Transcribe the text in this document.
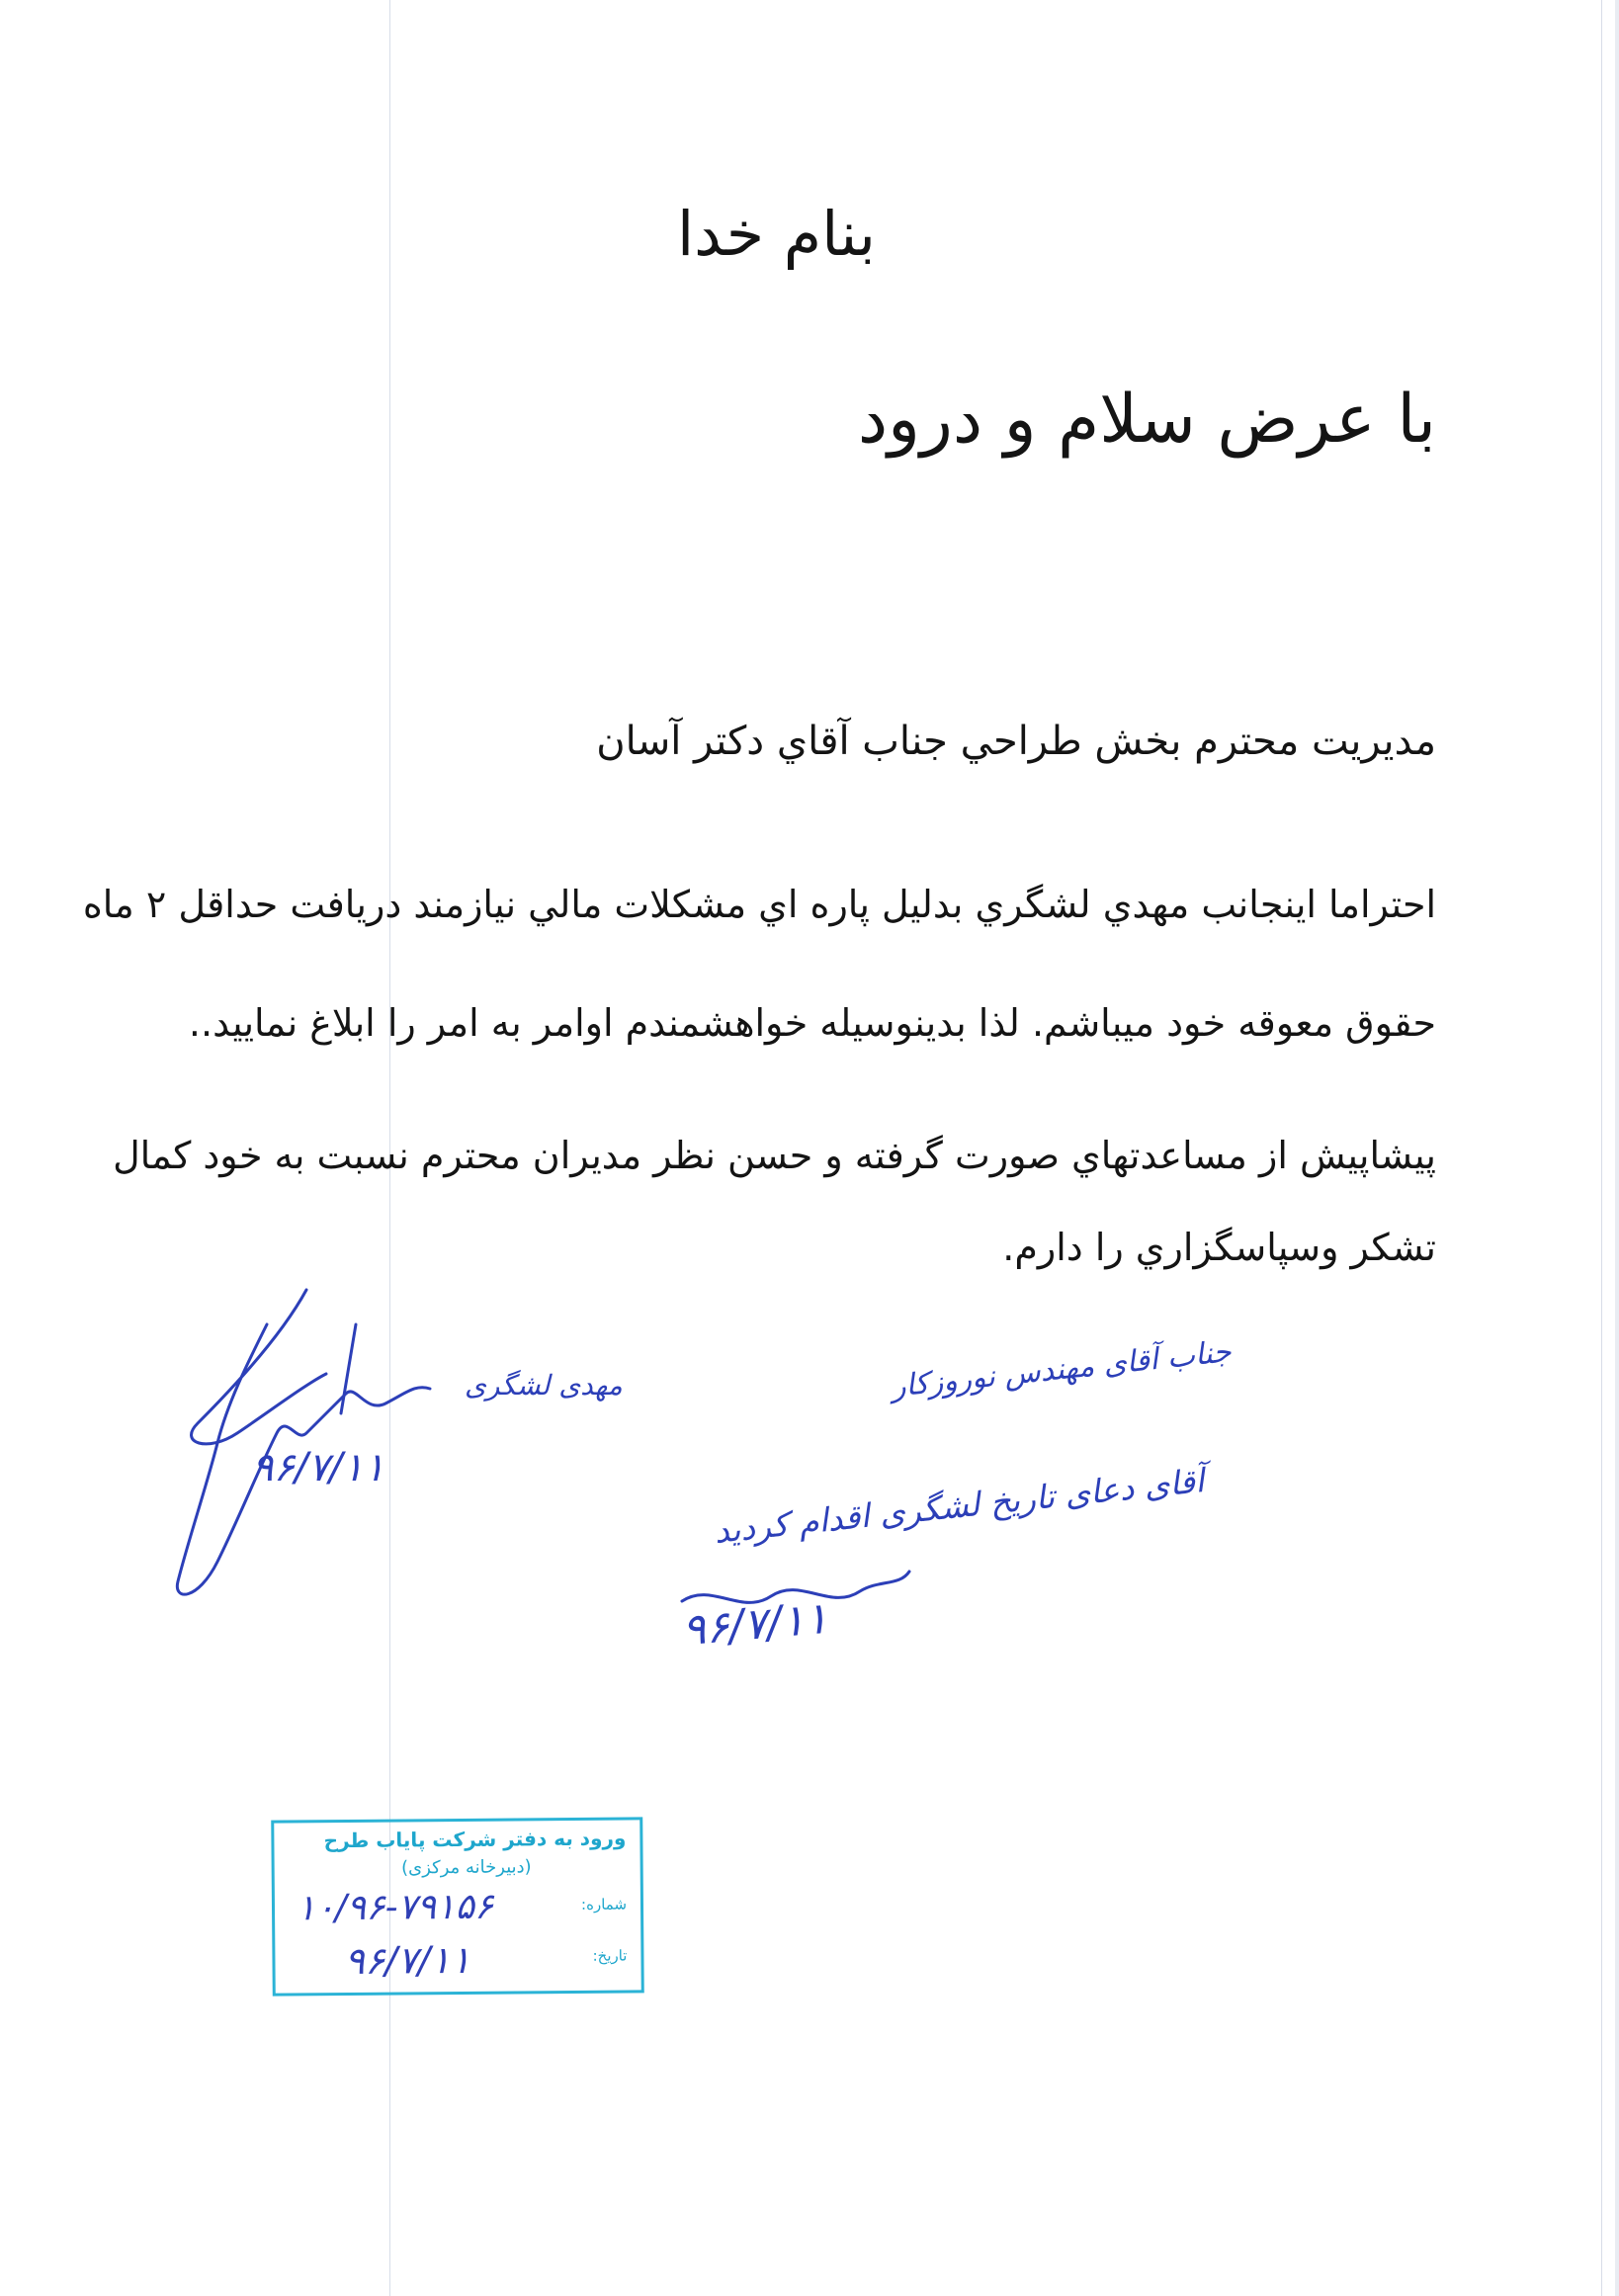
بنام خدا
با عرض سلام و درود
مدیریت محترم بخش طراحي جناب آقاي دکتر آسان
احتراما اينجانب مهدي لشگري بدليل پاره اي مشکلات مالي نيازمند دريافت حداقل ۲ ماه
حقوق معوقه خود ميباشم. لذا بدينوسيله خواهشمندم اوامر به امر را ابلاغ نماييد..
پيشاپيش از مساعدتهاي صورت گرفته و حسن نظر مديران محترم نسبت به خود کمال
تشکر وسپاسگزاري را دارم.
مهدی لشگری
۹۶/۷/۱۱
جناب آقای مهندس نوروزکار
آقای دعای تاریخ لشگری اقدام کردید
۹۶/۷/۱۱
ورود به دفتر شرکت پایاب طرح
(دبیرخانه مرکزی)
شماره:
۱۰/۹۶-۷۹۱۵۶
تاریخ:
۹۶/۷/۱۱
